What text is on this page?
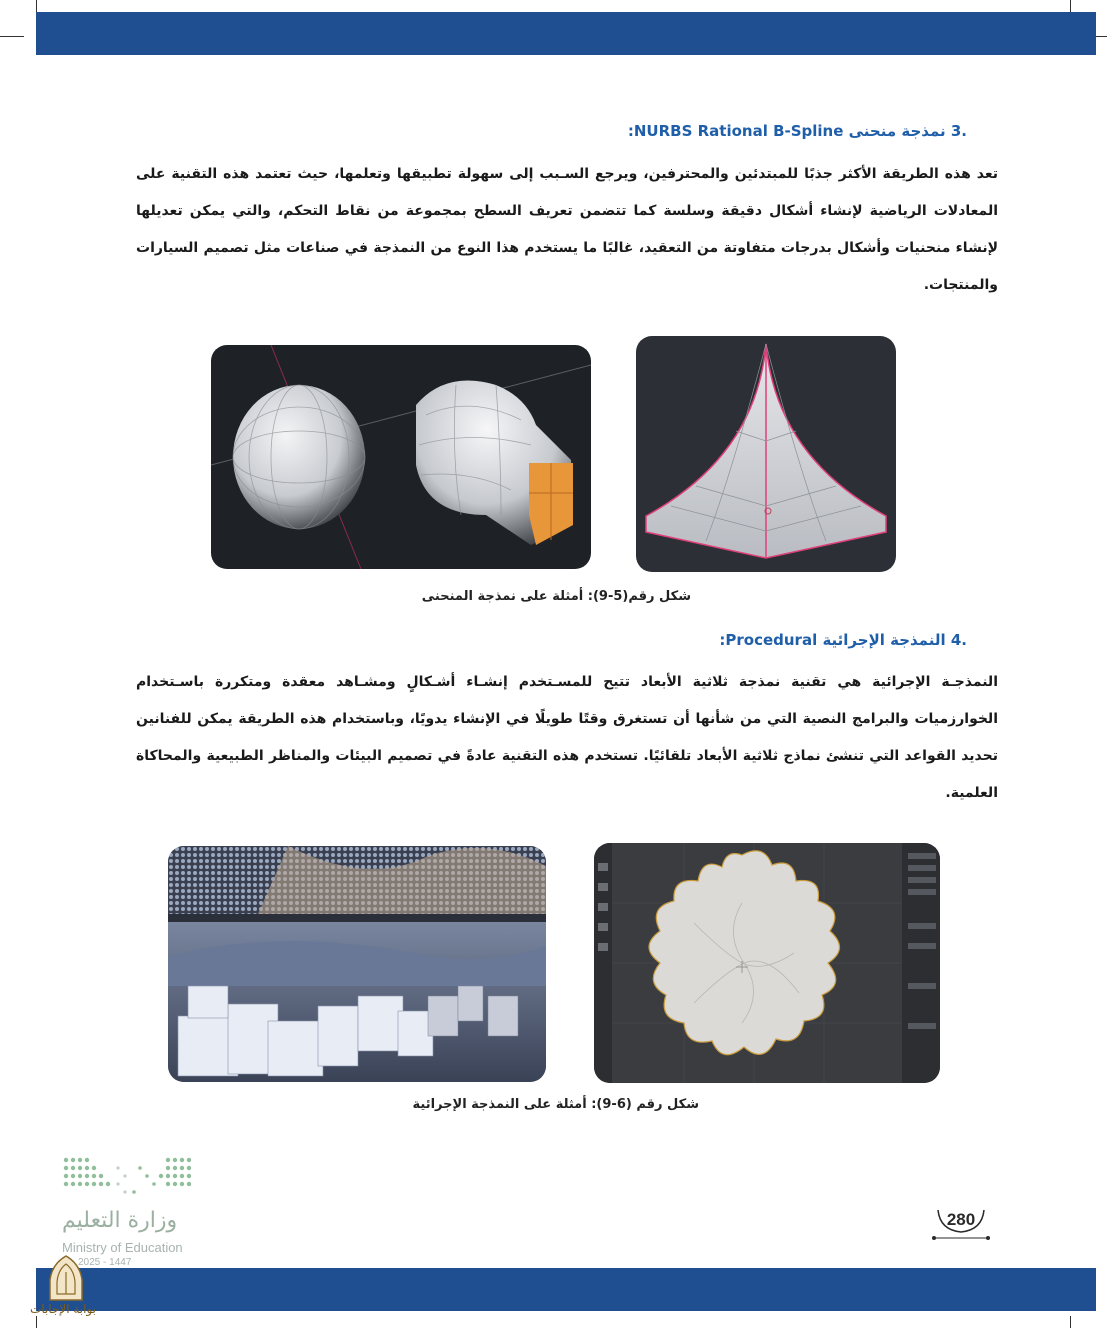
.3 نمذجة منحنى NURBS Rational B-Spline:
تعد هذه الطريقة الأكثر جذبًا للمبتدئين والمحترفين، ويرجع السـبب إلى سهولة تطبيقها وتعلمها، حيث تعتمد هذه التقنية على المعادلات الرياضية لإنشاء أشكال دقيقة وسلسة كما تتضمن تعريف السطح بمجموعة من نقاط التحكم، والتي يمكن تعديلها لإنشاء منحنيات وأشكال بدرجات متفاوتة من التعقيد، غالبًا ما يستخدم هذا النوع من النمذجة في صناعات مثل تصميم السيارات والمنتجات.
شكل رقم(5-9): أمثلة على نمذجة المنحنى
.4 النمذجة الإجرائية Procedural:
النمذجـة الإجرائية هي تقنية نمذجة ثلاثية الأبعاد تتيح للمسـتخدم إنشـاء أشـكالٍ ومشـاهد معقدة ومتكررة باسـتخدام الخوارزميات والبرامج النصية التي من شأنها أن تستغرق وقتًا طويلًا في الإنشاء يدويًا، وباستخدام هذه الطريقة يمكن للفنانين تحديد القواعد التي تنشئ نماذج ثلاثية الأبعاد تلقائيًا. تستخدم هذه التقنية عادةً في تصميم البيئات والمناظر الطبيعية والمحاكاة العلمية.
شكل رقم (6-9): أمثلة على النمذجة الإجرائية
وزارة التعليم
Ministry of Education
2025 - 1447
280
بوابة الإجابات
